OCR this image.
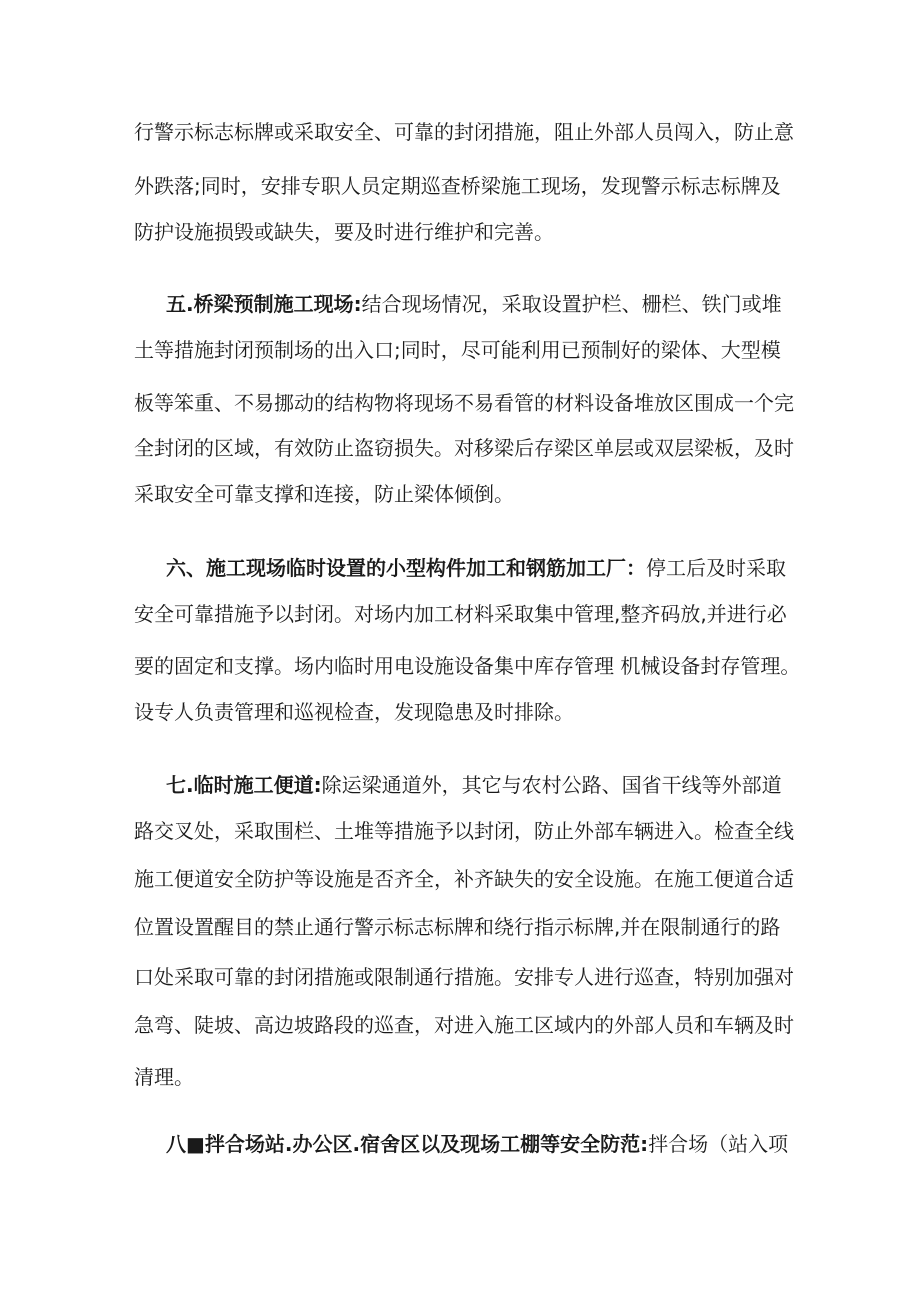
行警示标志标牌或采取安全、可靠的封闭措施，阻止外部人员闯入，防止意
外跌落;同时，安排专职人员定期巡查桥梁施工现场，发现警示标志标牌及
防护设施损毁或缺失，要及时进行维护和完善。
五.桥梁预制施工现场:结合现场情况，采取设置护栏、栅栏、铁门或堆
土等措施封闭预制场的出入口;同时，尽可能利用已预制好的梁体、大型模
板等笨重、不易挪动的结构物将现场不易看管的材料设备堆放区围成一个完
全封闭的区域，有效防止盗窃损失。对移梁后存梁区单层或双层梁板，及时
采取安全可靠支撑和连接，防止梁体倾倒。
六、施工现场临时设置的小型构件加工和钢筋加工厂：停工后及时采取
安全可靠措施予以封闭。对场内加工材料采取集中管理,整齐码放,并进行必
要的固定和支撑。场内临时用电设施设备集中库存管理 机械设备封存管理。
设专人负责管理和巡视检查，发现隐患及时排除。
七.临时施工便道:除运梁通道外，其它与农村公路、国省干线等外部道
路交叉处，采取围栏、土堆等措施予以封闭，防止外部车辆进入。检查全线
施工便道安全防护等设施是否齐全，补齐缺失的安全设施。在施工便道合适
位置设置醒目的禁止通行警示标志标牌和绕行指示标牌,并在限制通行的路
口处采取可靠的封闭措施或限制通行措施。安排专人进行巡查，特别加强对
急弯、陡坡、高边坡路段的巡查，对进入施工区域内的外部人员和车辆及时
清理。
八■拌合场站.办公区.宿舍区以及现场工棚等安全防范:拌合场（站入项
